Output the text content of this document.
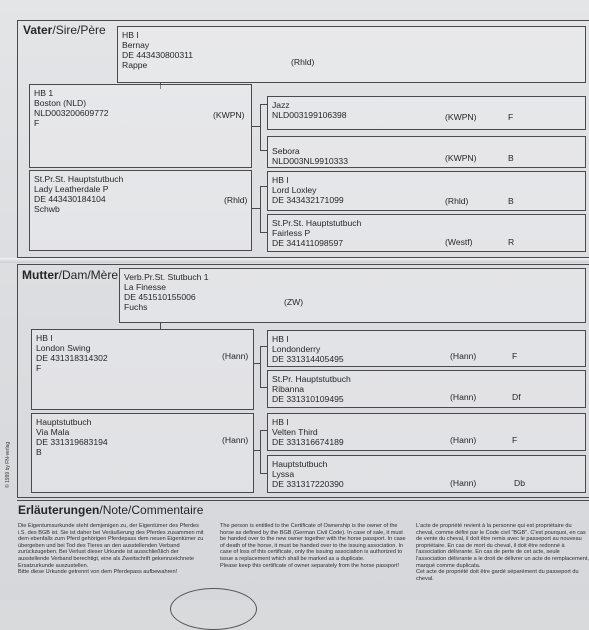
Vater/Sire/Père HB I
Bernay
DE 443430800311
Rappe	(Rhld)
HB 1
Boston (NLD)
NLD003200609772
F
(KWPN)
Jazz
NLD003199106398	(KWPN)	F
Sebora
NLD003NL9910333	(KWPN)	B
St.Pr.St. Hauptstutbuch
Lady Leatherdale P
DE 443430184104
Schwb
(Rhld)
HB I
Lord Loxley
DE 343432171099	(Rhld)	B
St.Pr.St. Hauptstutbuch
Fairless P
DE 341411098597	(Westf)	R
Mutter/Dam/Mère Verb.Pr.St. Stutbuch 1
La Finesse
DE 451510155006
Fuchs	(ZW)
HB I
London Swing
DE 431318314302
F
(Hann)
HB I
Londonderry
DE 331314405495	(Hann)	F
St.Pr. Hauptstutbuch
Ribanna
DE 331310109495	(Hann)	Df
Hauptstutbuch
Via Mala
DE 331319683194
B
(Hann)
HB I
Velten Third
DE 331316674189	(Hann)	F
Hauptstutbuch
Lyssa
DE 331317220390	(Hann)	Db
© 1999 by FN-verlag
Erläuterungen/Note/Commentaire
Die Eigentumsurkunde steht demjenigen zu, der Eigentümer des Pferdes i.S. des BGB ist. Sie ist daher bei Veräußerung des Pferdes zusammen mit dem ebenfalls zum Pferd gehörigen Pferdepass dem neuen Eigentümer zu übergeben und bei Tod des Tieres an den ausstellenden Verband zurückzugeben. Bei Verlust dieser Urkunde ist ausschließlich der ausstellende Verband berechtigt, eine als Zweitschrift gekennzeichnete Ersatzurkunde auszustellen.
Bitte diese Urkunde getrennt von dem Pferdepass aufbewahren!
The person is entitled to the Certificate of Ownership is the owner of the horse as defined by the BGB (German Civil Code). In case of sale, it must be handed over to the new owner together with the horse passport. In case of death of the horse, it must be handed over to the issuing association. In case of loss of this certificate, only the issuing association is authorized to issue a replacement which shall be marked as a duplicate.
Please keep this certificate of owner separately from the horse passport!
L'acte de propriété revient à la personne qui est propriétaire du cheval, comme défini par le Code civil "BGB". C'est pourquoi, en cas de vente du cheval, il doit être remis avec le passeport au nouveau propriétaire. En cas de mort du cheval, il doit être redonné à l'association délivrante. En cas de perte de cet acte, seule l'association délivrante a le droit de délivrer un acte de remplacement, marqué comme duplicata.
Cet acte de propriété doit être gardé séparément du passeport du cheval.
